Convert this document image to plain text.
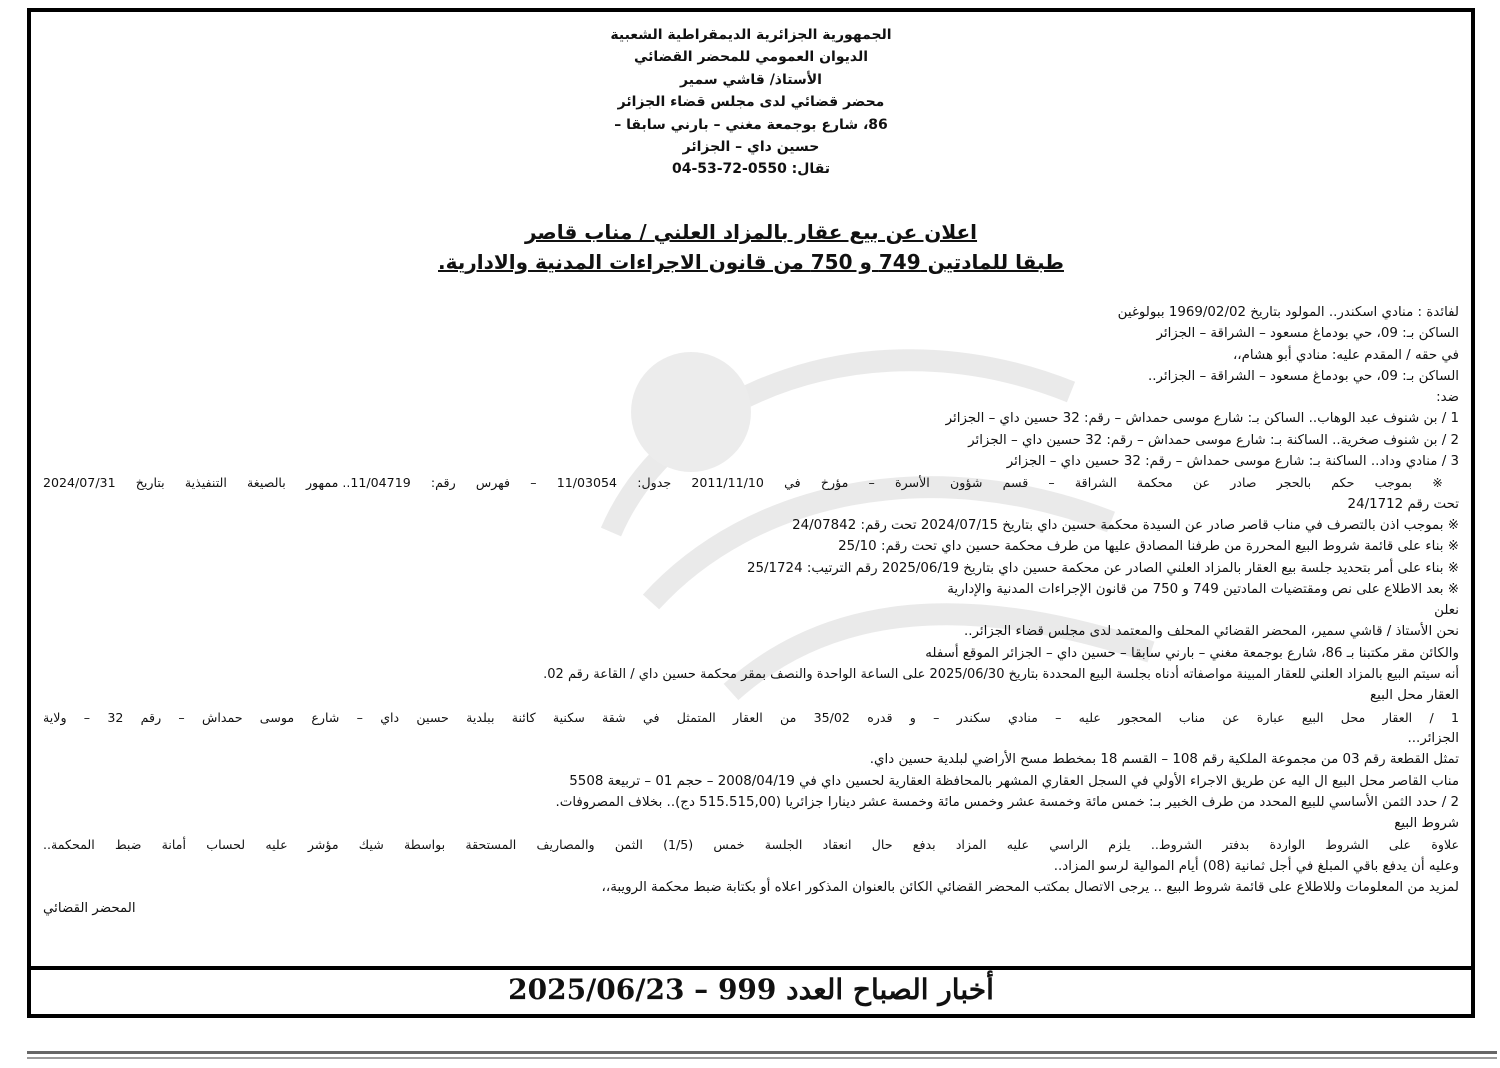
الجمهورية الجزائرية الديمقراطية الشعبية
الديوان العمومي للمحضر القضائي
الأستاذ/ قاشي سمير
محضر قضائي لدى مجلس قضاء الجزائر
86، شارع بوجمعة مغني – بارني سابقا –
حسين داي – الجزائر
تقال: 0550-72-53-04
اعلان عن بيع عقار بالمزاد العلني / مناب قاصر
طبقا للمادتين 749 و 750 من قانون الاجراءات المدنية والادارية.
لفائدة : منادي اسكندر.. المولود بتاريخ 1969/02/02 ببولوغين
الساكن بـ: 09، حي بودماغ مسعود – الشراقة – الجزائر
في حقه / المقدم عليه: منادي أبو هشام،،
الساكن بـ: 09، حي بودماغ مسعود – الشراقة – الجزائر..
ضد:
1 / بن شنوف عبد الوهاب.. الساكن بـ: شارع موسى حمداش – رقم: 32 حسين داي – الجزائر
2 / بن شنوف صخرية.. الساكنة بـ: شارع موسى حمداش – رقم: 32 حسين داي – الجزائر
3 / منادي وداد.. الساكنة بـ: شارع موسى حمداش – رقم: 32 حسين داي – الجزائر
※ بموجب حكم بالحجر صادر عن محكمة الشراقة – قسم شؤون الأسرة – مؤرخ في 2011/11/10 جدول: 11/03054 – فهرس رقم: 11/04719.. ممهور بالصيغة التنفيذية بتاريخ 2024/07/31
تحت رقم 24/1712
※ بموجب اذن بالتصرف في مناب قاصر صادر عن السيدة محكمة حسين داي بتاريخ 2024/07/15 تحت رقم: 24/07842
※ بناء على قائمة شروط البيع المحررة من طرفنا المصادق عليها من طرف محكمة حسين داي تحت رقم: 25/10
※ بناء على أمر بتحديد جلسة بيع العقار بالمزاد العلني الصادر عن محكمة حسين داي بتاريخ 2025/06/19 رقم الترتيب: 25/1724
※ بعد الاطلاع على نص ومقتضيات المادتين 749 و 750 من قانون الإجراءات المدنية والإدارية
نعلن
نحن الأستاذ / قاشي سمير، المحضر القضائي المحلف والمعتمد لدى مجلس قضاء الجزائر..
والكائن مقر مكتبنا بـ 86، شارع بوجمعة مغني – بارني سابقا – حسين داي – الجزائر الموقع أسفله
أنه سيتم البيع بالمزاد العلني للعقار المبينة مواصفاته أدناه بجلسة البيع المحددة بتاريخ 2025/06/30 على الساعة الواحدة والنصف بمقر محكمة حسين داي / القاعة رقم 02.
العقار محل البيع
1 / العقار محل البيع عبارة عن مناب المحجور عليه – منادي سكندر – و قدره 35/02 من العقار المتمثل في شقة سكنية كائنة ببلدية حسين داي – شارع موسى حمداش – رقم 32 – ولاية
الجزائر...
تمثل القطعة رقم 03 من مجموعة الملكية رقم 108 – القسم 18 بمخطط مسح الأراضي لبلدية حسين داي.
مناب القاصر محل البيع ال اليه عن طريق الاجراء الأولي في السجل العقاري المشهر بالمحافظة العقارية لحسين داي في 2008/04/19 – حجم 01 – تربيعة 5508
2 / حدد الثمن الأساسي للبيع المحدد من طرف الخبير بـ: خمس مائة وخمسة عشر وخمس مائة وخمسة عشر دينارا جزائريا (515.515,00 دج).. بخلاف المصروفات.
شروط البيع
علاوة على الشروط الواردة بدفتر الشروط.. يلزم الراسي عليه المزاد بدفع حال انعقاد الجلسة خمس (1/5) الثمن والمصاريف المستحقة بواسطة شيك مؤشر عليه لحساب أمانة ضبط المحكمة..
وعليه أن يدفع باقي المبلغ في أجل ثمانية (08) أيام الموالية لرسو المزاد..
لمزيد من المعلومات وللاطلاع على قائمة شروط البيع .. يرجى الاتصال بمكتب المحضر القضائي الكائن بالعنوان المذكور اعلاه أو بكتابة ضبط محكمة الرويبة،،
المحضر القضائي
أخبار الصباح العدد 999 – 2025/06/23
